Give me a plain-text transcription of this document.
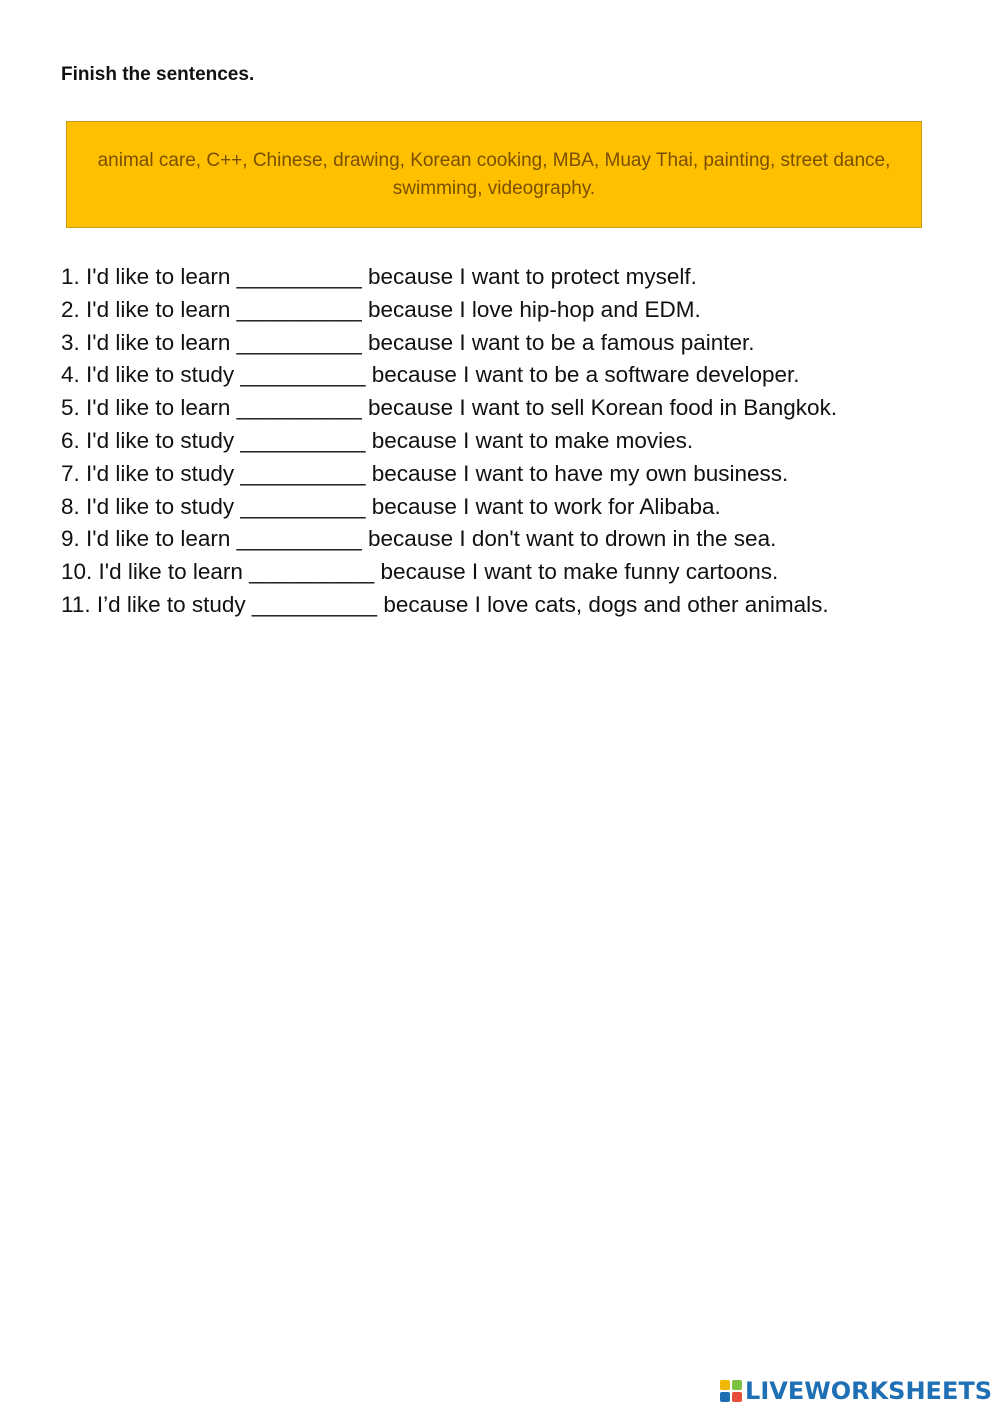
Finish the sentences.
animal care, C++, Chinese, drawing, Korean cooking, MBA, Muay Thai, painting, street dance, swimming, videography.
1. I'd like to learn __________ because I want to protect myself.
2. I'd like to learn __________ because I love hip-hop and EDM.
3. I'd like to learn __________ because I want to be a famous painter.
4. I'd like to study __________ because I want to be a software developer.
5. I'd like to learn __________ because I want to sell Korean food in Bangkok.
6. I'd like to study __________ because I want to make movies.
7. I'd like to study __________ because I want to have my own business.
8. I'd like to study __________ because I want to work for Alibaba.
9. I'd like to learn __________ because I don't want to drown in the sea.
10. I'd like to learn __________ because I want to make funny cartoons.
11. I’d like to study __________ because I love cats, dogs and other animals.
LIVEWORKSHEETS
